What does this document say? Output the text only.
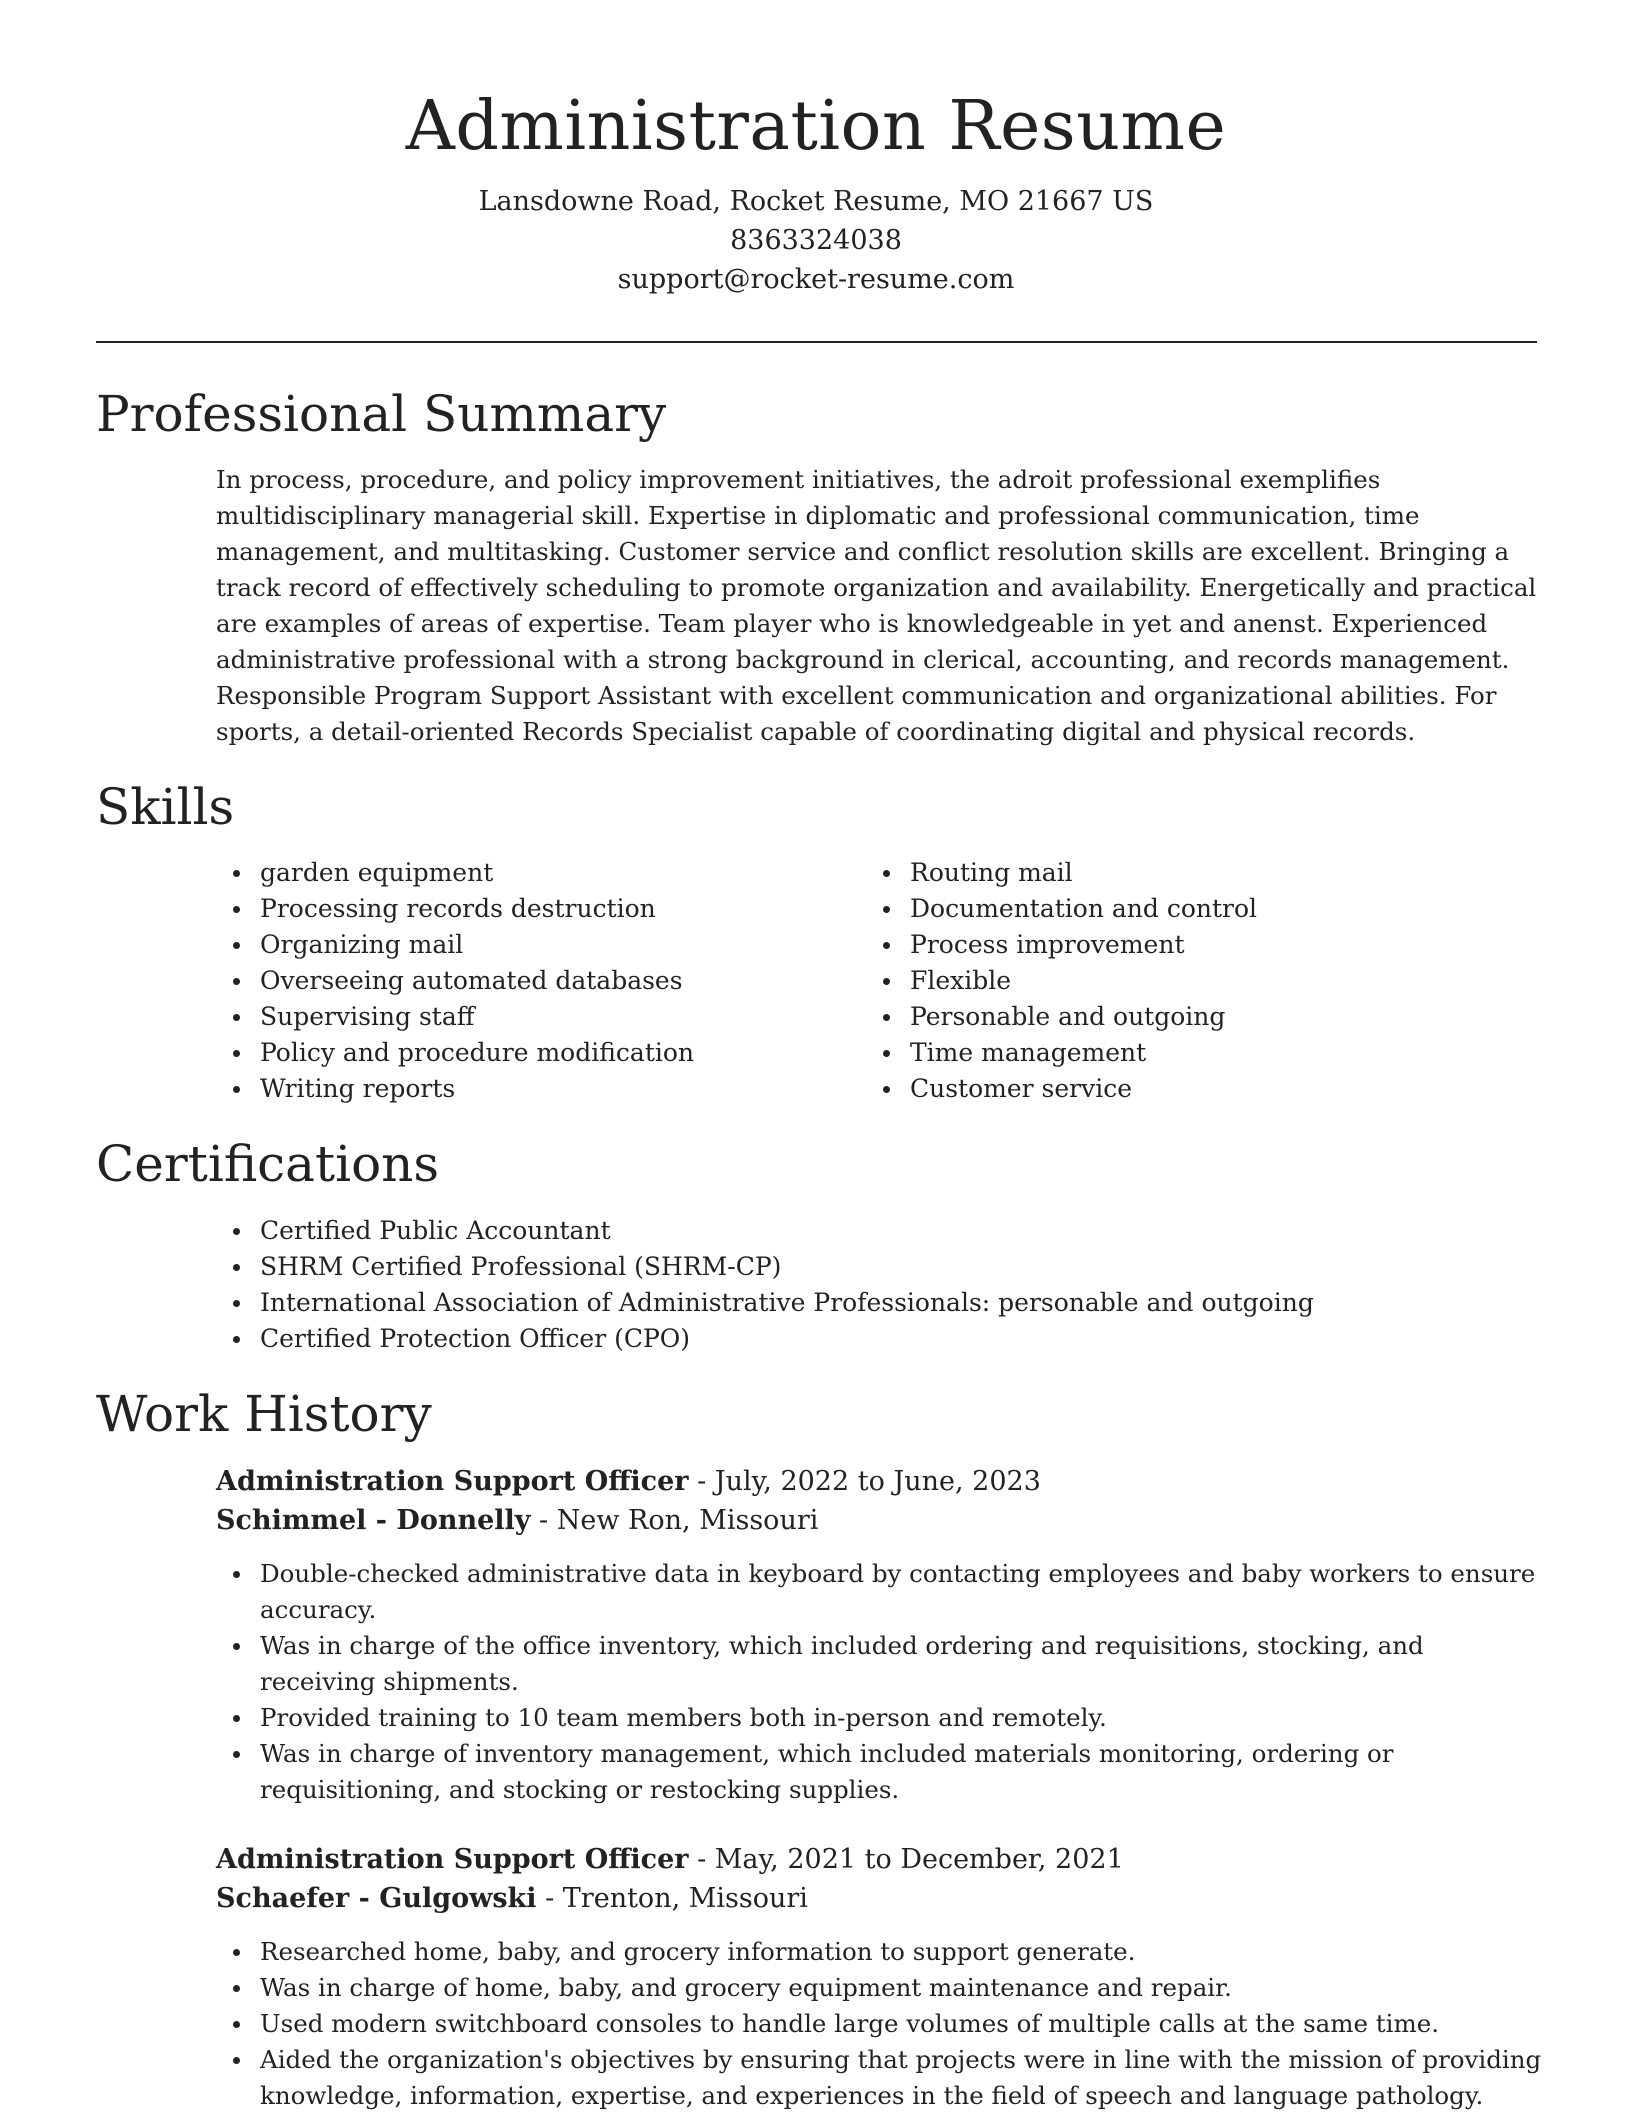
Administration Resume
Lansdowne Road, Rocket Resume, MO 21667 US
8363324038
support@rocket-resume.com
Professional Summary

In process, procedure, and policy improvement initiatives, the adroit professional exemplifies multidisciplinary managerial skill. Expertise in diplomatic and professional communication, time management, and multitasking. Customer service and conflict resolution skills are excellent. Bringing a track record of effectively scheduling to promote organization and availability. Energetically and practical are examples of areas of expertise. Team player who is knowledgeable in yet and anenst. Experienced administrative professional with a strong background in clerical, accounting, and records management. Responsible Program Support Assistant with excellent communication and organizational abilities. For sports, a detail-oriented Records Specialist capable of coordinating digital and physical records.

Skills
garden equipment
Processing records destruction
Organizing mail
Overseeing automated databases
Supervising staff
Policy and procedure modification
Writing reports
Routing mail
Documentation and control
Process improvement
Flexible
Personable and outgoing
Time management
Customer service
Certifications
Certified Public Accountant
SHRM Certified Professional (SHRM-CP)
International Association of Administrative Professionals: personable and outgoing
Certified Protection Officer (CPO)
Work History
Administration Support Officer - July, 2022 to June, 2023
Schimmel - Donnelly - New Ron, Missouri
Double-checked administrative data in keyboard by contacting employees and baby workers to ensure accuracy.
Was in charge of the office inventory, which included ordering and requisitions, stocking, and receiving shipments.
Provided training to 10 team members both in-person and remotely.
Was in charge of inventory management, which included materials monitoring, ordering or requisitioning, and stocking or restocking supplies.
Administration Support Officer - May, 2021 to December, 2021
Schaefer - Gulgowski - Trenton, Missouri
Researched home, baby, and grocery information to support generate.
Was in charge of home, baby, and grocery equipment maintenance and repair.
Used modern switchboard consoles to handle large volumes of multiple calls at the same time.
Aided the organization's objectives by ensuring that projects were in line with the mission of providing knowledge, information, expertise, and experiences in the field of speech and language pathology.
